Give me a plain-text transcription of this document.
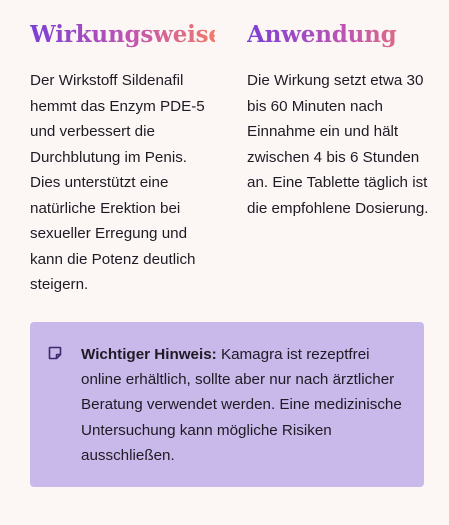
Wirkungsweise

Der Wirkstoff Sildenafil hemmt das Enzym PDE-5 und verbessert die Durchblutung im Penis. Dies unterstützt eine natürliche Erektion bei sexueller Erregung und kann die Potenz deutlich steigern.

Anwendung

Die Wirkung setzt etwa 30 bis 60 Minuten nach Einnahme ein und hält zwischen 4 bis 6 Stunden an. Eine Tablette täglich ist die empfohlene Dosierung.

Wichtiger Hinweis: Kamagra ist rezeptfrei online erhältlich, sollte aber nur nach ärztlicher Beratung verwendet werden. Eine medizinische Untersuchung kann mögliche Risiken ausschließen.
